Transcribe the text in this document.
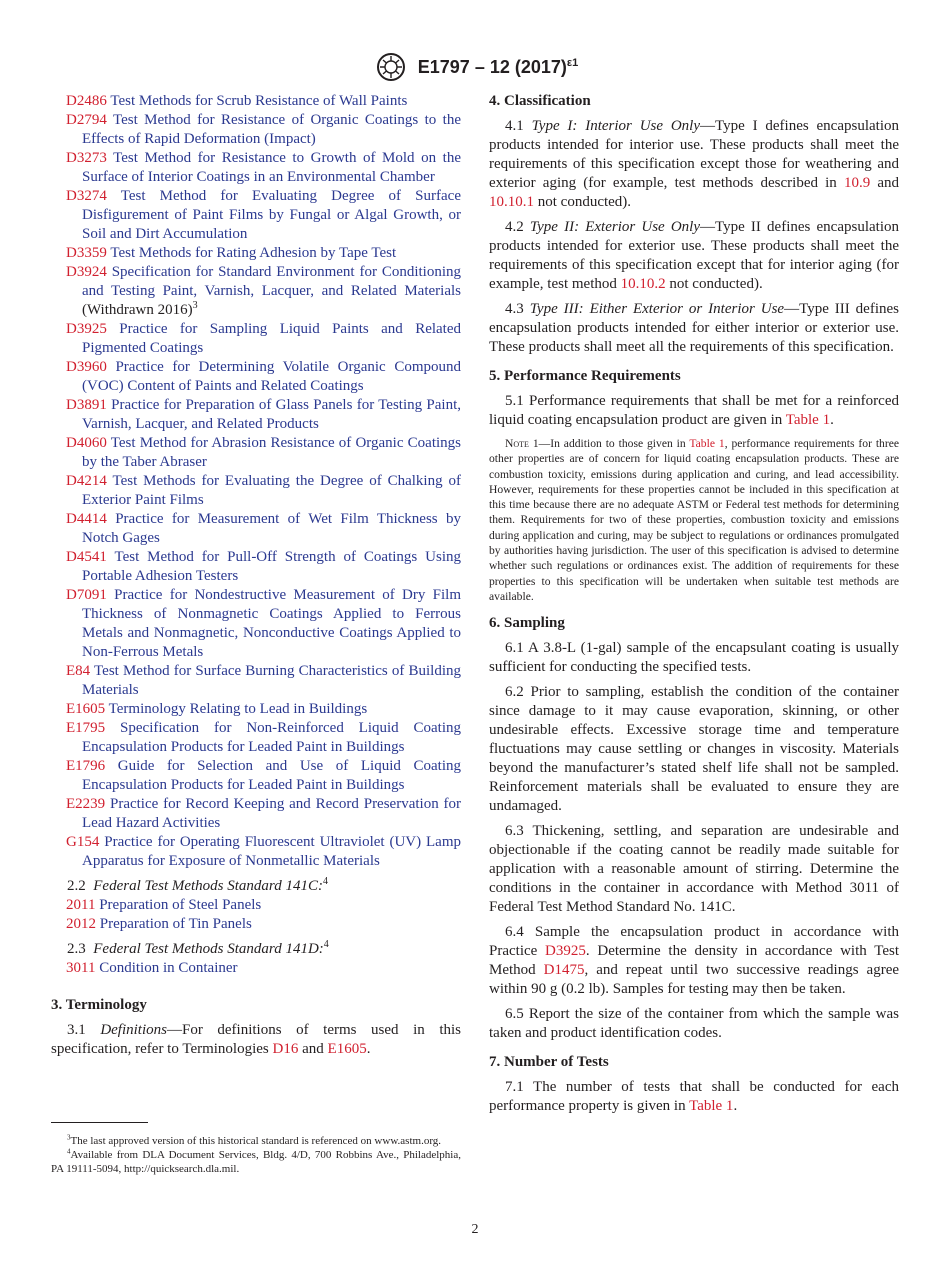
E1797 – 12 $(2017)^{\varepsilon 1}$

D2486 Test Methods for Scrub Resistance of Wall Paints

D2794 Test Method for Resistance of Organic Coatings to the Effects of Rapid Deformation (Impact)

D3273 Test Method for Resistance to Growth of Mold on the Surface of Interior Coatings in an Environmental Chamber

D3274 Test Method for Evaluating Degree of Surface Disfigurement of Paint Films by Fungal or Algal Growth, or Soil and Dirt Accumulation

D3359 Test Methods for Rating Adhesion by Tape Test

D3924 Specification for Standard Environment for Conditioning and Testing Paint, Varnish, Lacquer, and Related Materials (Withdrawn 2016)$^3$

D3925 Practice for Sampling Liquid Paints and Related Pigmented Coatings

D3960 Practice for Determining Volatile Organic Compound (VOC) Content of Paints and Related Coatings

D3891 Practice for Preparation of Glass Panels for Testing Paint, Varnish, Lacquer, and Related Products

D4060 Test Method for Abrasion Resistance of Organic Coatings by the Taber Abraser

D4214 Test Methods for Evaluating the Degree of Chalking of Exterior Paint Films

D4414 Practice for Measurement of Wet Film Thickness by Notch Gages

D4541 Test Method for Pull-Off Strength of Coatings Using Portable Adhesion Testers

D7091 Practice for Nondestructive Measurement of Dry Film Thickness of Nonmagnetic Coatings Applied to Ferrous Metals and Nonmagnetic, Nonconductive Coatings Applied to Non-Ferrous Metals

E84 Test Method for Surface Burning Characteristics of Building Materials

E1605 Terminology Relating to Lead in Buildings

E1795 Specification for Non-Reinforced Liquid Coating Encapsulation Products for Leaded Paint in Buildings

E1796 Guide for Selection and Use of Liquid Coating Encapsulation Products for Leaded Paint in Buildings

E2239 Practice for Record Keeping and Record Preservation for Lead Hazard Activities

G154 Practice for Operating Fluorescent Ultraviolet (UV) Lamp Apparatus for Exposure of Nonmetallic Materials

2.2 Federal Test Methods Standard 141C:$^4$

2011 Preparation of Steel Panels

2012 Preparation of Tin Panels

2.3 Federal Test Methods Standard 141D:$^4$

3011 Condition in Container

3. Terminology

3.1 Definitions—For definitions of terms used in this specification, refer to Terminologies D16 and E1605.

$^3$The last approved version of this historical standard is referenced on www.astm.org.

$^4$Available from DLA Document Services, Bldg. 4/D, 700 Robbins Ave., Philadelphia, PA 19111-5094, http://quicksearch.dla.mil.

4. Classification

4.1 Type I: Interior Use Only—Type I defines encapsulation products intended for interior use. These products shall meet the requirements of this specification except those for weathering and exterior aging (for example, test methods described in 10.9 and 10.10.1 not conducted).

4.2 Type II: Exterior Use Only—Type II defines encapsulation products intended for exterior use. These products shall meet the requirements of this specification except that for interior aging (for example, test method 10.10.2 not conducted).

4.3 Type III: Either Exterior or Interior Use—Type III defines encapsulation products intended for either interior or exterior use. These products shall meet all the requirements of this specification.

5. Performance Requirements

5.1 Performance requirements that shall be met for a reinforced liquid coating encapsulation product are given in Table 1.

Note 1—In addition to those given in Table 1, performance requirements for three other properties are of concern for liquid coating encapsulation products. These are combustion toxicity, emissions during application and curing, and lead accessibility. However, requirements for these properties cannot be included in this specification at this time because there are no adequate ASTM or Federal test methods for determining them. Requirements for two of these properties, combustion toxicity and emissions during application and curing, may be subject to regulations or ordinances promulgated by authorities having jurisdiction. The user of this specification is advised to determine whether such regulations or ordinances exist. The addition of requirements for these properties to this specification will be undertaken when suitable test methods are available.

6. Sampling

6.1 A 3.8-L (1-gal) sample of the encapsulant coating is usually sufficient for conducting the specified tests.

6.2 Prior to sampling, establish the condition of the container since damage to it may cause evaporation, skinning, or other undesirable effects. Excessive storage time and temperature fluctuations may cause settling or changes in viscosity. Materials beyond the manufacturer’s stated shelf life shall not be sampled. Reinforcement materials shall be evaluated to ensure they are undamaged.

6.3 Thickening, settling, and separation are undesirable and objectionable if the coating cannot be readily made suitable for application with a reasonable amount of stirring. Determine the conditions in the container in accordance with Method 3011 of Federal Test Method Standard No. 141C.

6.4 Sample the encapsulation product in accordance with Practice D3925. Determine the density in accordance with Test Method D1475, and repeat until two successive readings agree within 90 g (0.2 lb). Samples for testing may then be taken.

6.5 Report the size of the container from which the sample was taken and product identification codes.

7. Number of Tests

7.1 The number of tests that shall be conducted for each performance property is given in Table 1.

2
